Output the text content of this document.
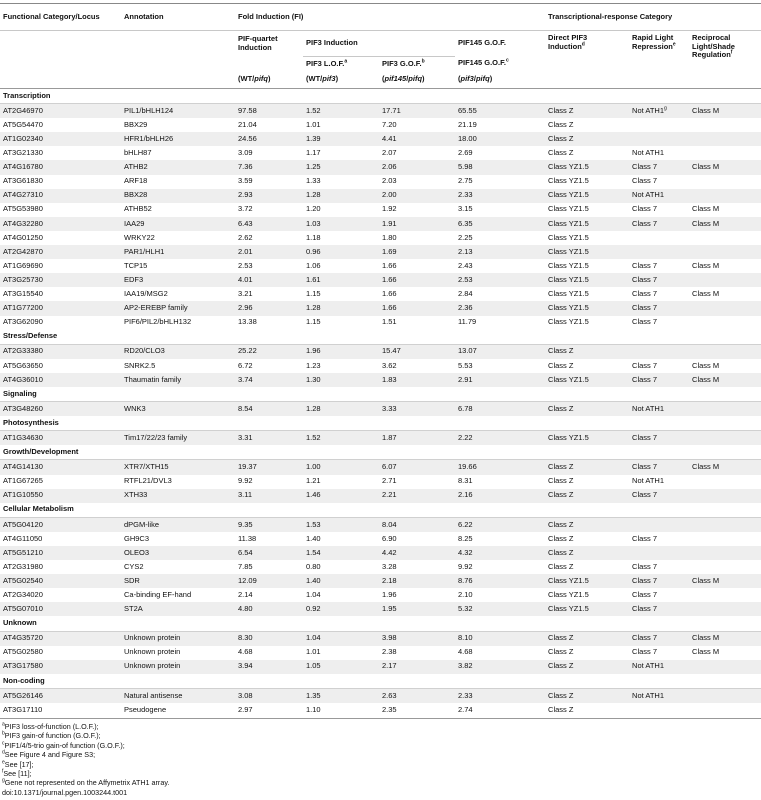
Functional Category/Locus	Annotation	Fold Induction (FI)				Transcriptional-response Category		
		PIF-quartet Induction	PIF3 Induction		PIF145 G.O.F.	Direct PIF3 Induction$^d$	Rapid Light Repression$^e$	Reciprocal Light/Shade Regulation$^f$
			PIF3 L.O.F.$^a$	PIF3 G.O.F.$^b$	PIF145 G.O.F.$^c$
		(WT/pifq)	(WT/pif3)	(pif145/pifq)	(pif3/pifq)			
Transcription								
AT2G46970	PIL1/bHLH124	97.58	1.52	17.71	65.55	Class Z	Not ATH1$^g$	Class M
AT5G54470	BBX29	21.04	1.01	7.20	21.19	Class Z		
AT1G02340	HFR1/bHLH26	24.56	1.39	4.41	18.00	Class Z		
AT3G21330	bHLH87	3.09	1.17	2.07	2.69	Class Z	Not ATH1	
AT4G16780	ATHB2	7.36	1.25	2.06	5.98	Class YZ1.5	Class 7	Class M
AT3G61830	ARF18	3.59	1.33	2.03	2.75	Class YZ1.5	Class 7	
AT4G27310	BBX28	2.93	1.28	2.00	2.33	Class YZ1.5	Not ATH1	
AT5G53980	ATHB52	3.72	1.20	1.92	3.15	Class YZ1.5	Class 7	Class M
AT4G32280	IAA29	6.43	1.03	1.91	6.35	Class YZ1.5	Class 7	Class M
AT4G01250	WRKY22	2.62	1.18	1.80	2.25	Class YZ1.5		
AT2G42870	PAR1/HLH1	2.01	0.96	1.69	2.13	Class YZ1.5		
AT1G69690	TCP15	2.53	1.06	1.66	2.43	Class YZ1.5	Class 7	Class M
AT3G25730	EDF3	4.01	1.61	1.66	2.53	Class YZ1.5	Class 7	
AT3G15540	IAA19/MSG2	3.21	1.15	1.66	2.84	Class YZ1.5	Class 7	Class M
AT1G77200	AP2-EREBP family	2.96	1.28	1.66	2.36	Class YZ1.5	Class 7	
AT3G62090	PIF6/PIL2/bHLH132	13.38	1.15	1.51	11.79	Class YZ1.5	Class 7	
Stress/Defense								
AT2G33380	RD20/CLO3	25.22	1.96	15.47	13.07	Class Z		
AT5G63650	SNRK2.5	6.72	1.23	3.62	5.53	Class Z	Class 7	Class M
AT4G36010	Thaumatin family	3.74	1.30	1.83	2.91	Class YZ1.5	Class 7	Class M
Signaling								
AT3G48260	WNK3	8.54	1.28	3.33	6.78	Class Z	Not ATH1	
Photosynthesis								
AT1G34630	Tim17/22/23 family	3.31	1.52	1.87	2.22	Class YZ1.5	Class 7	
Growth/Development								
AT4G14130	XTR7/XTH15	19.37	1.00	6.07	19.66	Class Z	Class 7	Class M
AT1G67265	RTFL21/DVL3	9.92	1.21	2.71	8.31	Class Z	Not ATH1	
AT1G10550	XTH33	3.11	1.46	2.21	2.16	Class Z	Class 7	
Cellular Metabolism								
AT5G04120	dPGM-like	9.35	1.53	8.04	6.22	Class Z		
AT4G11050	GH9C3	11.38	1.40	6.90	8.25	Class Z	Class 7	
AT5G51210	OLEO3	6.54	1.54	4.42	4.32	Class Z		
AT2G31980	CYS2	7.85	0.80	3.28	9.92	Class Z	Class 7	
AT5G02540	SDR	12.09	1.40	2.18	8.76	Class YZ1.5	Class 7	Class M
AT2G34020	Ca-binding EF-hand	2.14	1.04	1.96	2.10	Class YZ1.5	Class 7	
AT5G07010	ST2A	4.80	0.92	1.95	5.32	Class YZ1.5	Class 7	
Unknown								
AT4G35720	Unknown protein	8.30	1.04	3.98	8.10	Class Z	Class 7	Class M
AT5G02580	Unknown protein	4.68	1.01	2.38	4.68	Class Z	Class 7	Class M
AT3G17580	Unknown protein	3.94	1.05	2.17	3.82	Class Z	Not ATH1	
Non-coding								
AT5G26146	Natural antisense	3.08	1.35	2.63	2.33	Class Z	Not ATH1	
AT3G17110	Pseudogene	2.97	1.10	2.35	2.74	Class Z		
$^a$PIF3 loss-of-function (L.O.F.);
$^b$PIF3 gain-of function (G.O.F.);
$^c$PIF1/4/5-trio gain-of function (G.O.F.);
$^d$See Figure 4 and Figure S3;
$^e$See [17];
$^f$See [11];
$^g$Gene not represented on the Affymetrix ATH1 array.
doi:10.1371/journal.pgen.1003244.t001
